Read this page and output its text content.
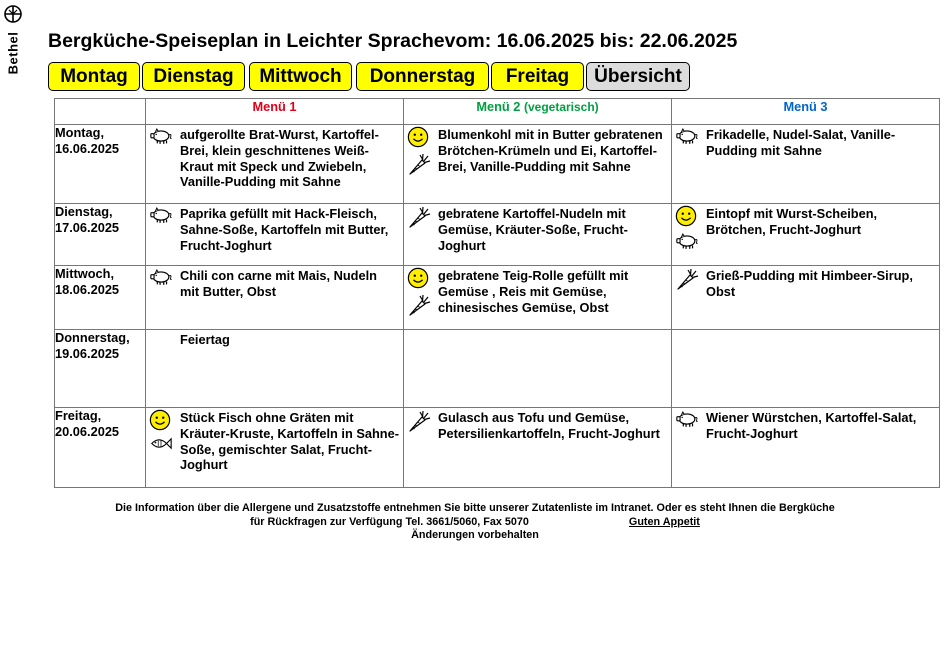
Bethel Bergküche-Speiseplan in Leichter Sprachevom: 16.06.2025 bis: 22.06.2025
Montag	Dienstag	Mittwoch	Donnerstag	Freitag	Übersicht
	Menü 1	Menü 2 (vegetarisch)	Menü 3
Montag,
16.06.2025	aufgerollte Brat-Wurst, Kartoffel-Brei, klein geschnittenes Weiß-Kraut mit Speck und Zwiebeln, Vanille-Pudding mit Sahne	Blumenkohl mit in Butter gebratenen Brötchen-Krümeln und Ei, Kartoffel-Brei, Vanille-Pudding mit Sahne	Frikadelle, Nudel-Salat, Vanille-Pudding mit Sahne

Dienstag,
17.06.2025	Paprika gefüllt mit Hack-Fleisch, Sahne-Soße, Kartoffeln mit Butter, Frucht-Joghurt	gebratene Kartoffel-Nudeln mit Gemüse, Kräuter-Soße, Frucht-Joghurt	Eintopf mit Wurst-Scheiben, Brötchen, Frucht-Joghurt

Mittwoch,
18.06.2025	Chili con carne mit Mais, Nudeln mit Butter, Obst	gebratene Teig-Rolle gefüllt mit Gemüse , Reis mit Gemüse, chinesisches Gemüse, Obst	Grieß-Pudding mit Himbeer-Sirup, Obst

Donnerstag,
19.06.2025	Feiertag		

Freitag,
20.06.2025	Stück Fisch ohne Gräten mit Kräuter-Kruste, Kartoffeln in Sahne-Soße, gemischter Salat, Frucht-Joghurt	Gulasch aus Tofu und Gemüse, Petersilienkartoffeln, Frucht-Joghurt	Wiener Würstchen, Kartoffel-Salat, Frucht-Joghurt
Die Information über die Allergene und Zusatzstoffe entnehmen Sie bitte unserer Zutatenliste im Intranet. Oder es steht Ihnen die Bergküche
für Rückfragen zur Verfügung Tel. 3661/5060, Fax 5070	Guten Appetit
Änderungen vorbehalten
